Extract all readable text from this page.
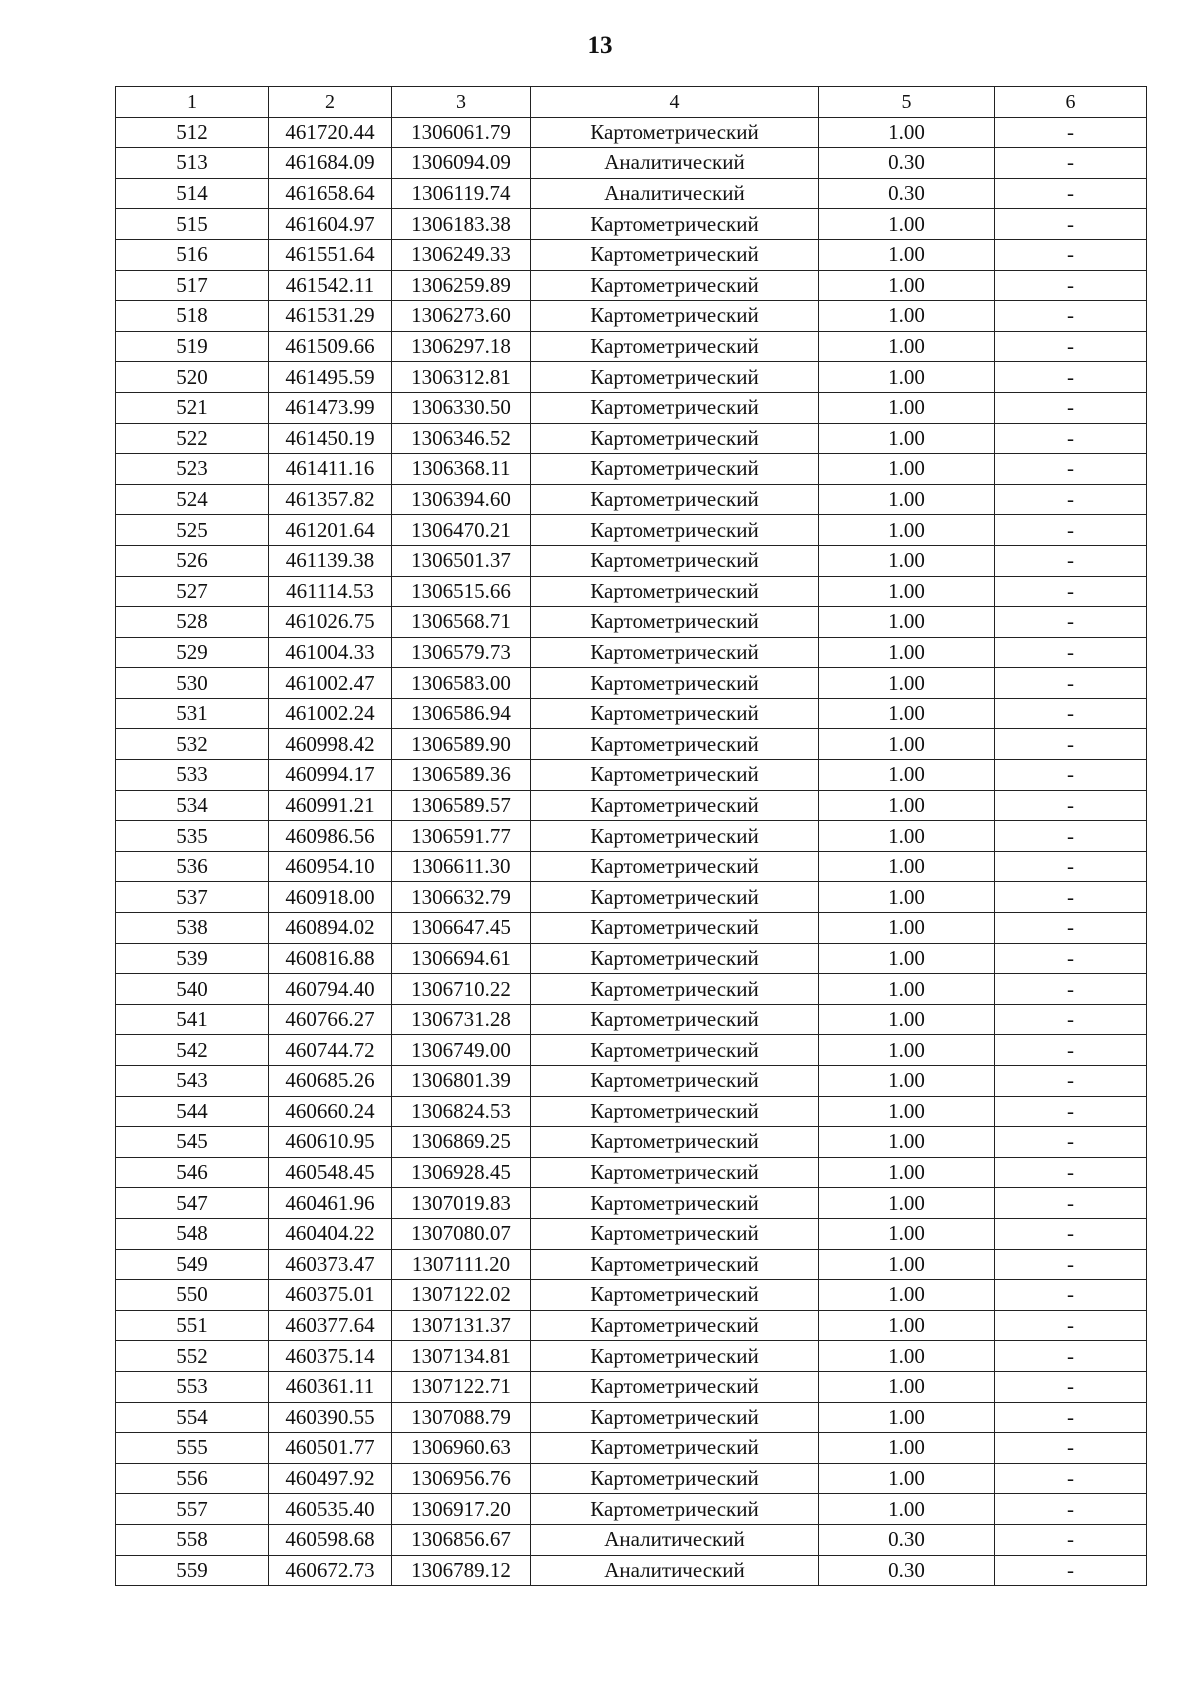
13
1	2	3	4	5	6
512	461720.44	1306061.79	Картометрический	1.00	-
513	461684.09	1306094.09	Аналитический	0.30	-
514	461658.64	1306119.74	Аналитический	0.30	-
515	461604.97	1306183.38	Картометрический	1.00	-
516	461551.64	1306249.33	Картометрический	1.00	-
517	461542.11	1306259.89	Картометрический	1.00	-
518	461531.29	1306273.60	Картометрический	1.00	-
519	461509.66	1306297.18	Картометрический	1.00	-
520	461495.59	1306312.81	Картометрический	1.00	-
521	461473.99	1306330.50	Картометрический	1.00	-
522	461450.19	1306346.52	Картометрический	1.00	-
523	461411.16	1306368.11	Картометрический	1.00	-
524	461357.82	1306394.60	Картометрический	1.00	-
525	461201.64	1306470.21	Картометрический	1.00	-
526	461139.38	1306501.37	Картометрический	1.00	-
527	461114.53	1306515.66	Картометрический	1.00	-
528	461026.75	1306568.71	Картометрический	1.00	-
529	461004.33	1306579.73	Картометрический	1.00	-
530	461002.47	1306583.00	Картометрический	1.00	-
531	461002.24	1306586.94	Картометрический	1.00	-
532	460998.42	1306589.90	Картометрический	1.00	-
533	460994.17	1306589.36	Картометрический	1.00	-
534	460991.21	1306589.57	Картометрический	1.00	-
535	460986.56	1306591.77	Картометрический	1.00	-
536	460954.10	1306611.30	Картометрический	1.00	-
537	460918.00	1306632.79	Картометрический	1.00	-
538	460894.02	1306647.45	Картометрический	1.00	-
539	460816.88	1306694.61	Картометрический	1.00	-
540	460794.40	1306710.22	Картометрический	1.00	-
541	460766.27	1306731.28	Картометрический	1.00	-
542	460744.72	1306749.00	Картометрический	1.00	-
543	460685.26	1306801.39	Картометрический	1.00	-
544	460660.24	1306824.53	Картометрический	1.00	-
545	460610.95	1306869.25	Картометрический	1.00	-
546	460548.45	1306928.45	Картометрический	1.00	-
547	460461.96	1307019.83	Картометрический	1.00	-
548	460404.22	1307080.07	Картометрический	1.00	-
549	460373.47	1307111.20	Картометрический	1.00	-
550	460375.01	1307122.02	Картометрический	1.00	-
551	460377.64	1307131.37	Картометрический	1.00	-
552	460375.14	1307134.81	Картометрический	1.00	-
553	460361.11	1307122.71	Картометрический	1.00	-
554	460390.55	1307088.79	Картометрический	1.00	-
555	460501.77	1306960.63	Картометрический	1.00	-
556	460497.92	1306956.76	Картометрический	1.00	-
557	460535.40	1306917.20	Картометрический	1.00	-
558	460598.68	1306856.67	Аналитический	0.30	-
559	460672.73	1306789.12	Аналитический	0.30	-
